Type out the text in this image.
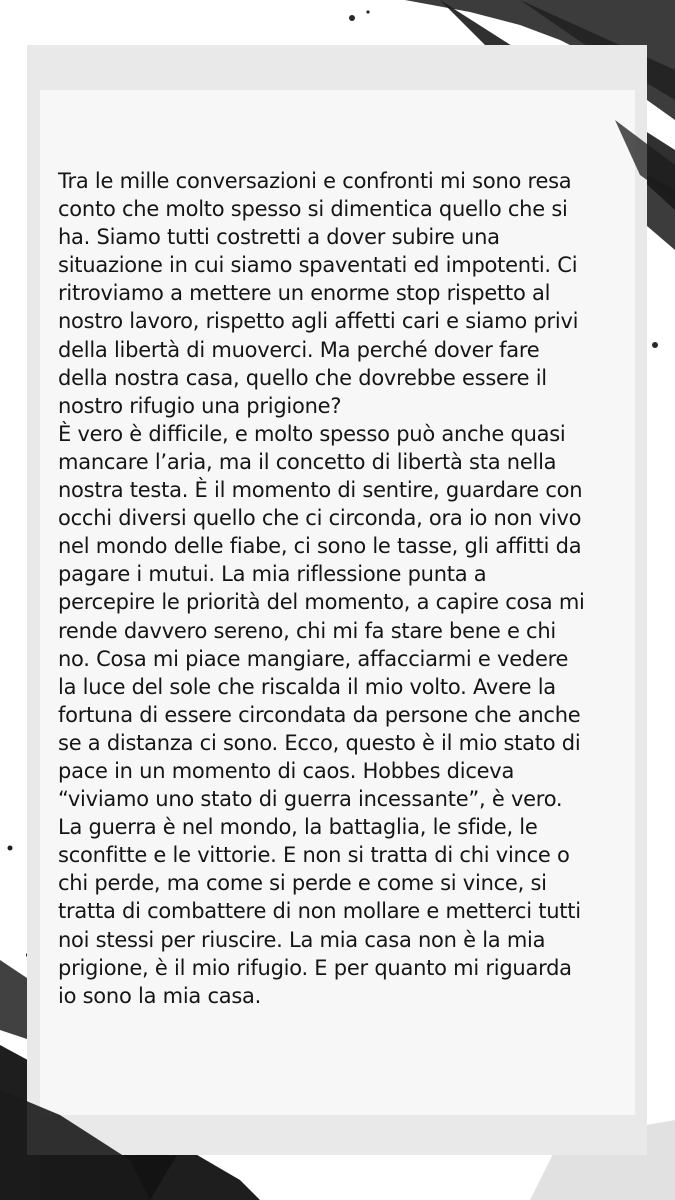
Tra le mille conversazioni e confronti mi sono resa
conto che molto spesso si dimentica quello che si
ha. Siamo tutti costretti a dover subire una
situazione in cui siamo spaventati ed impotenti. Ci
ritroviamo a mettere un enorme stop rispetto al
nostro lavoro, rispetto agli affetti cari e siamo privi
della libertà di muoverci. Ma perché dover fare
della nostra casa, quello che dovrebbe essere il
nostro rifugio una prigione?
È vero è difficile, e molto spesso può anche quasi
mancare l’aria, ma il concetto di libertà sta nella
nostra testa. È il momento di sentire, guardare con
occhi diversi quello che ci circonda, ora io non vivo
nel mondo delle fiabe, ci sono le tasse, gli affitti da
pagare i mutui. La mia riflessione punta a
percepire le priorità del momento, a capire cosa mi
rende davvero sereno, chi mi fa stare bene e chi
no. Cosa mi piace mangiare, affacciarmi e vedere
la luce del sole che riscalda il mio volto. Avere la
fortuna di essere circondata da persone che anche
se a distanza ci sono. Ecco, questo è il mio stato di
pace in un momento di caos. Hobbes diceva
“viviamo uno stato di guerra incessante”, è vero.
La guerra è nel mondo, la battaglia, le sfide, le
sconfitte e le vittorie. E non si tratta di chi vince o
chi perde, ma come si perde e come si vince, si
tratta di combattere di non mollare e metterci tutti
noi stessi per riuscire. La mia casa non è la mia
prigione, è il mio rifugio. E per quanto mi riguarda
io sono la mia casa.
